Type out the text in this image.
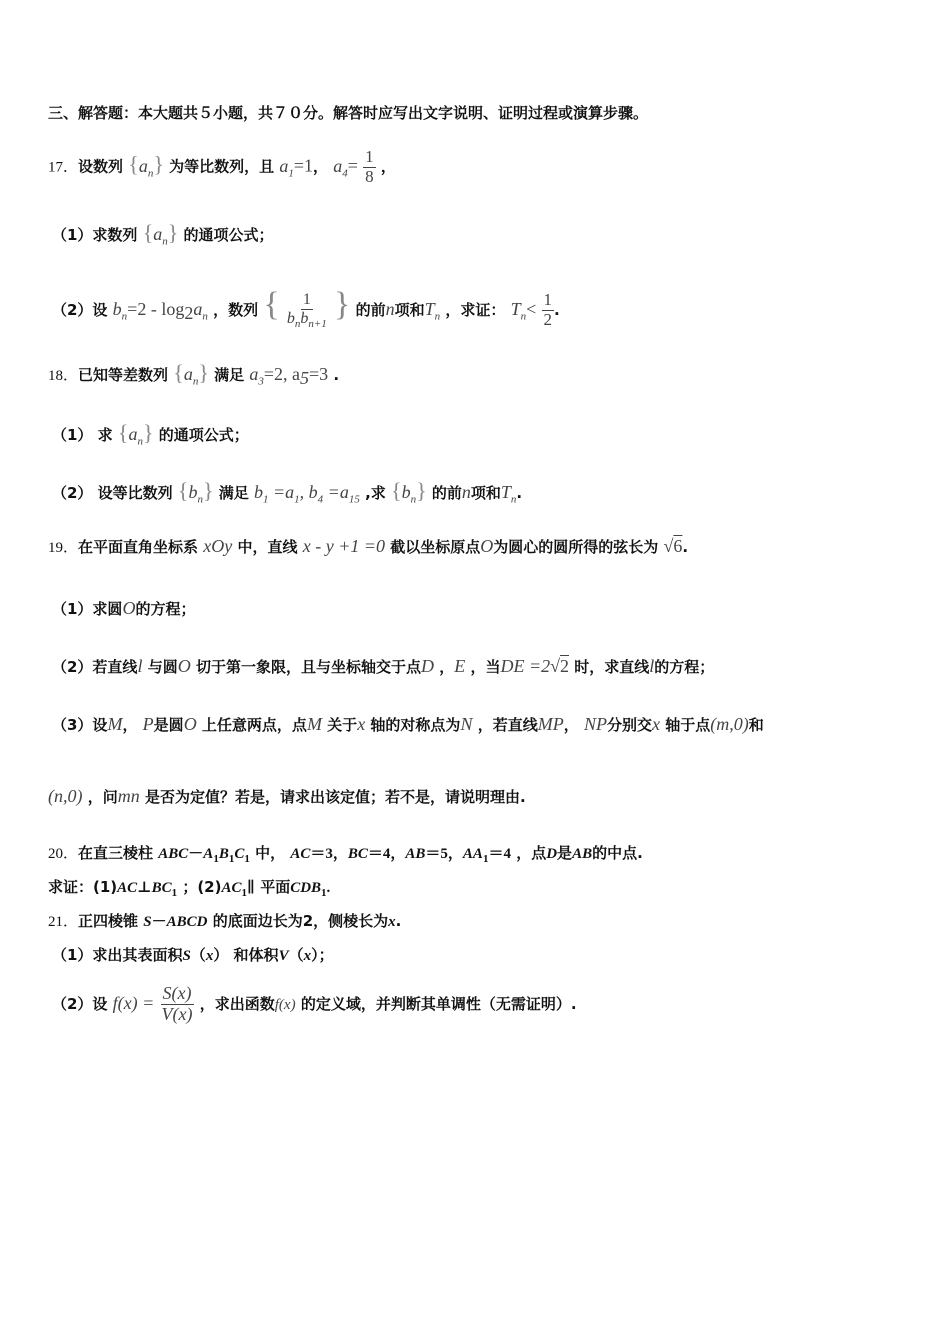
三、解答题：本大题共５小题，共７０分。解答时应写出文字说明、证明过程或演算步骤。
17．设数列 $\{a_n\}$ 为等比数列，且 $a_1=1$， $a_4= \frac{1}{8}$ ，
（1）求数列 $\{a_n\}$ 的通项公式；
（2）设 $b_n=2 - \log_2a_n$ ，数列 { $\frac{1}{b_nb_{n+1}}$ } 的前n项和$T_n$ ，求证： $T_n< \frac{1}{2}$ .
18．已知等差数列 $\{a_n\}$ 满足 $a_3=2$, $a_5=3$ .
（1） 求 $\{a_n\}$ 的通项公式；
（2） 设等比数列 $\{b_n\}$ 满足 $b_1 =a_1$, $b_4 =a_{15}$ ,求 $\{b_n\}$ 的前n项和$T_n$.
19．在平面直角坐标系 xOy 中，直线 x - y +1 =0 截以坐标原点O为圆心的圆所得的弦长为 √6.
（1）求圆O的方程；
（2）若直线l 与圆O 切于第一象限，且与坐标轴交于点D ，E ，当DE =2√2 时，求直线l的方程；
（3）设M， P是圆O 上任意两点，点M 关于x 轴的对称点为N ，若直线MP， NP分别交x 轴于点(m,0)和
(n,0) ，问mn 是否为定值？若是，请求出该定值；若不是，请说明理由.
20．在直三棱柱 $ABC-A_1B_1C_1$ 中， AC＝3，BC＝4，AB＝5，$AA_1=4$ ，点D是AB的中点.
求证：$(1)AC\perp BC_1$ ；$(2)AC_1\parallel$ 平面$CDB_1$.
21．正四棱锥 S－ABCD 的底面边长为2，侧棱长为x.
（1）求出其表面积S（x） 和体积V（x）；
（2）设 $f(x) = \frac{S(x)}{V(x)}$ ，求出函数f(x) 的定义域，并判断其单调性（无需证明）.
